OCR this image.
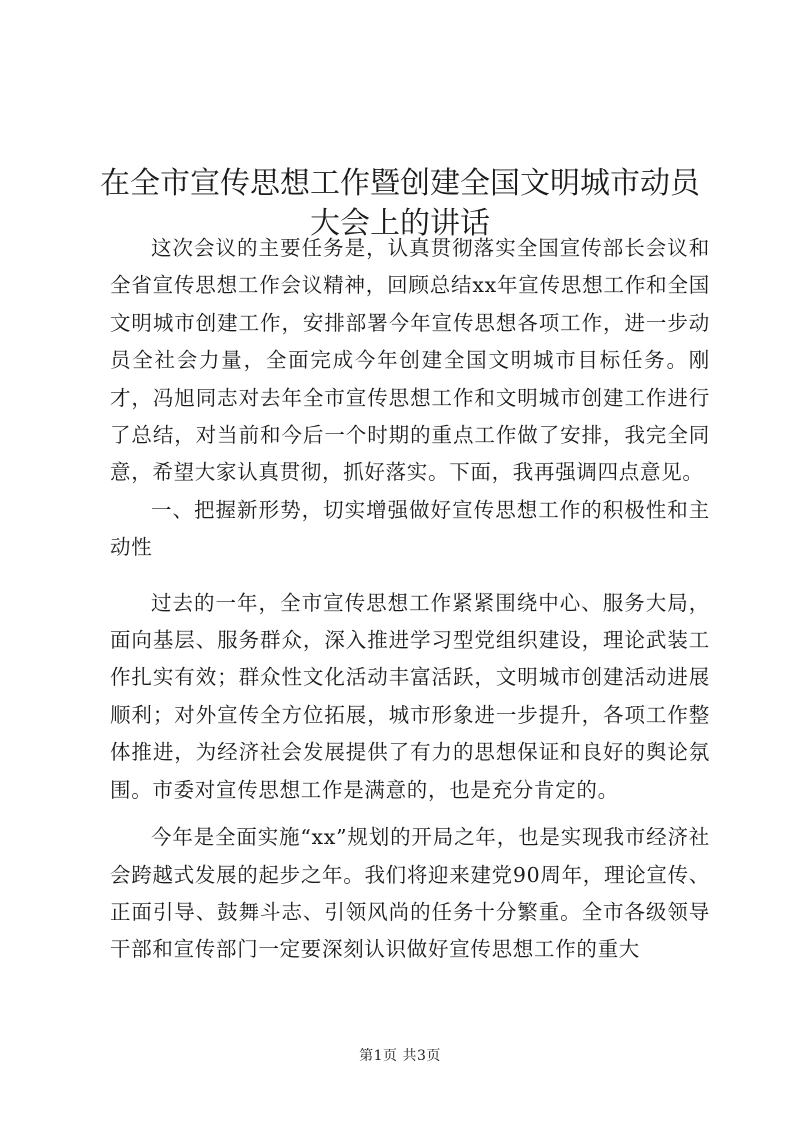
在全市宣传思想工作暨创建全国文明城市动员大会上的讲话

这次会议的主要任务是，认真贯彻落实全国宣传部长会议和全省宣传思想工作会议精神，回顾总结xx年宣传思想工作和全国文明城市创建工作，安排部署今年宣传思想各项工作，进一步动员全社会力量，全面完成今年创建全国文明城市目标任务。刚才，冯旭同志对去年全市宣传思想工作和文明城市创建工作进行了总结，对当前和今后一个时期的重点工作做了安排，我完全同意，希望大家认真贯彻，抓好落实。下面，我再强调四点意见。

一、把握新形势，切实增强做好宣传思想工作的积极性和主动性

过去的一年，全市宣传思想工作紧紧围绕中心、服务大局，面向基层、服务群众，深入推进学习型党组织建设，理论武装工作扎实有效；群众性文化活动丰富活跃，文明城市创建活动进展顺利；对外宣传全方位拓展，城市形象进一步提升，各项工作整体推进，为经济社会发展提供了有力的思想保证和良好的舆论氛围。市委对宣传思想工作是满意的，也是充分肯定的。

今年是全面实施“xx”规划的开局之年，也是实现我市经济社会跨越式发展的起步之年。我们将迎来建党90周年，理论宣传、正面引导、鼓舞斗志、引领风尚的任务十分繁重。全市各级领导干部和宣传部门一定要深刻认识做好宣传思想工作的重大

第1页 共3页
